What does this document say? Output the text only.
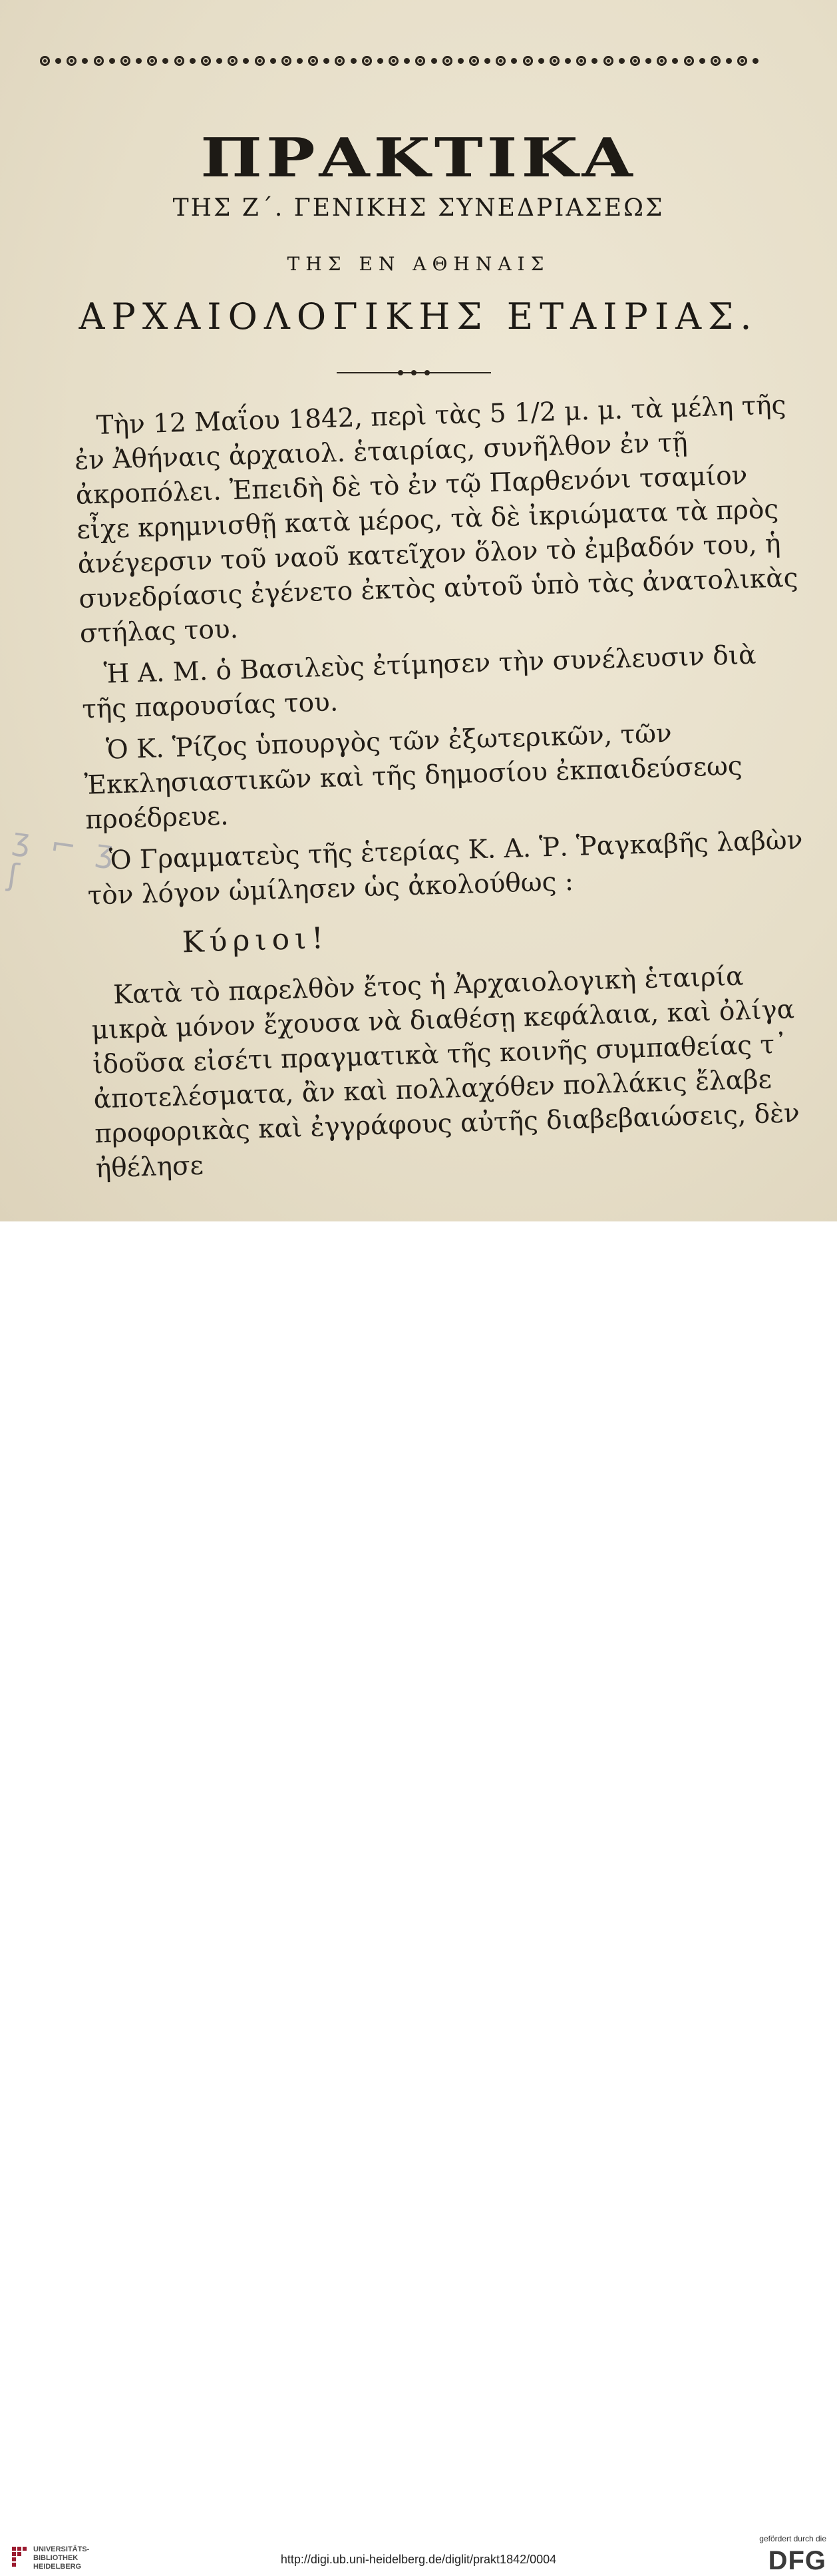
ΠΡΑΚΤΙΚΑ
ΤΗΣ Ζ΄. ΓΕΝΙΚΗΣ ΣΥΝΕΔΡΙΑΣΕΩΣ
ΤΗΣ ΕΝ ΑΘΗΝΑΙΣ
ΑΡΧΑΙΟΛΟΓΙΚΗΣ ΕΤΑΙΡΙΑΣ.
ʒ ⌐ ʒ ʃ

Τὴν 12 Μαΐου 1842, περὶ τὰς 5 1/2 μ. μ. τὰ μέλη τῆς ἐν Ἀθήναις ἀρχαιολ. ἑταιρίας, συνῆλθον ἐν τῇ ἀκροπόλει. Ἐπειδὴ δὲ τὸ ἐν τῷ Παρθενόνι τσαμίον εἶχε κρημνισθῇ κατὰ μέρος, τὰ δὲ ἰκριώματα τὰ πρὸς ἀνέγερσιν τοῦ ναοῦ κατεῖχον ὅλον τὸ ἐμβαδόν του, ἡ συνεδρίασις ἐγένετο ἐκτὸς αὐτοῦ ὑπὸ τὰς ἀνατολικὰς στήλας του.

Ἡ Α. Μ. ὁ Βασιλεὺς ἐτίμησεν τὴν συνέλευσιν διὰ τῆς παρουσίας του.

Ὁ Κ. Ῥίζος ὑπουργὸς τῶν ἐξωτερικῶν, τῶν Ἐκκλησιαστικῶν καὶ τῆς δημοσίου ἐκπαιδεύσεως προέδρευε.

Ὁ Γραμματεὺς τῆς ἑτερίας Κ. Α. Ῥ. Ῥαγκαβῆς λαβὼν τὸν λόγον ὡμίλησεν ὡς ἀκολούθως :

Κύριοι!

Κατὰ τὸ παρελθὸν ἔτος ἡ Ἀρχαιολογικὴ ἑταιρία μικρὰ μόνον ἔχουσα νὰ διαθέσῃ κεφάλαια, καὶ ὀλίγα ἰδοῦσα εἰσέτι πραγματικὰ τῆς κοινῆς συμπαθείας τ᾽ ἀποτελέσματα, ἂν καὶ πολλαχόθεν πολλάκις ἔλαβε προφορικὰς καὶ ἐγγράφους αὐτῆς διαβεβαιώσεις, δὲν ἠθέλησε

UNIVERSITÄTS-
BIBLIOTHEK
HEIDELBERG
http://digi.ub.uni-heidelberg.de/diglit/prakt1842/0004
gefördert durch die
DFG
